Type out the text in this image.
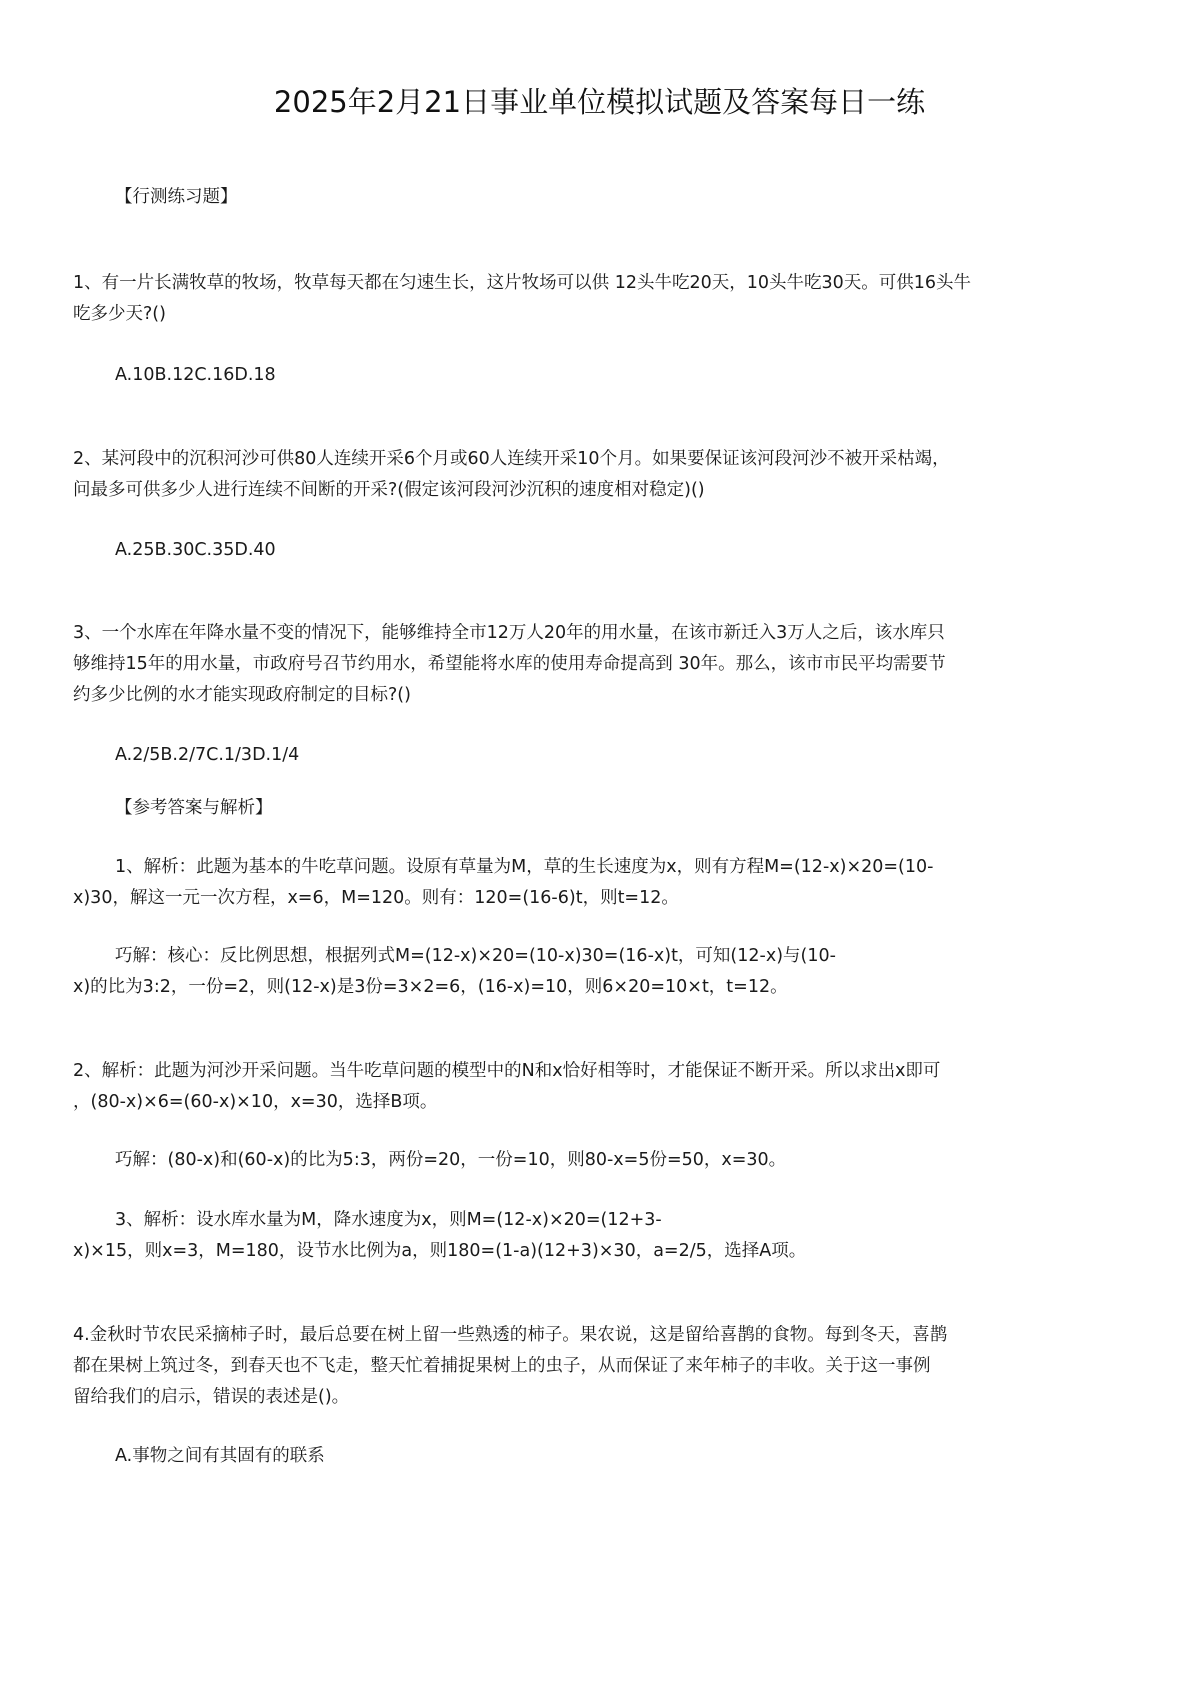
2025年2月21日事业单位模拟试题及答案每日一练

【行测练习题】

1、有一片长满牧草的牧场，牧草每天都在匀速生长，这片牧场可以供 12头牛吃20天，10头牛吃30天。可供16头牛

吃多少天?()

A.10B.12C.16D.18

2、某河段中的沉积河沙可供80人连续开采6个月或60人连续开采10个月。如果要保证该河段河沙不被开采枯竭，

问最多可供多少人进行连续不间断的开采?(假定该河段河沙沉积的速度相对稳定)()

A.25B.30C.35D.40

3、一个水库在年降水量不变的情况下，能够维持全市12万人20年的用水量，在该市新迁入3万人之后，该水库只

够维持15年的用水量，市政府号召节约用水，希望能将水库的使用寿命提高到 30年。那么，该市市民平均需要节

约多少比例的水才能实现政府制定的目标?()

A.2/5B.2/7C.1/3D.1/4

【参考答案与解析】

1、解析：此题为基本的牛吃草问题。设原有草量为M，草的生长速度为x，则有方程M=(12-x)×20=(10-

x)30，解这一元一次方程，x=6，M=120。则有：120=(16-6)t，则t=12。

巧解：核心：反比例思想，根据列式M=(12-x)×20=(10-x)30=(16-x)t，可知(12-x)与(10-

x)的比为3:2，一份=2，则(12-x)是3份=3×2=6，(16-x)=10，则6×20=10×t，t=12。

2、解析：此题为河沙开采问题。当牛吃草问题的模型中的N和x恰好相等时，才能保证不断开采。所以求出x即可

，(80-x)×6=(60-x)×10，x=30，选择B项。

巧解：(80-x)和(60-x)的比为5:3，两份=20，一份=10，则80-x=5份=50，x=30。

3、解析：设水库水量为M，降水速度为x，则M=(12-x)×20=(12+3-

x)×15，则x=3，M=180，设节水比例为a，则180=(1-a)(12+3)×30，a=2/5，选择A项。

4.金秋时节农民采摘柿子时，最后总要在树上留一些熟透的柿子。果农说，这是留给喜鹊的食物。每到冬天，喜鹊

都在果树上筑过冬，到春天也不飞走，整天忙着捕捉果树上的虫子，从而保证了来年柿子的丰收。关于这一事例

留给我们的启示，错误的表述是()。

A.事物之间有其固有的联系
